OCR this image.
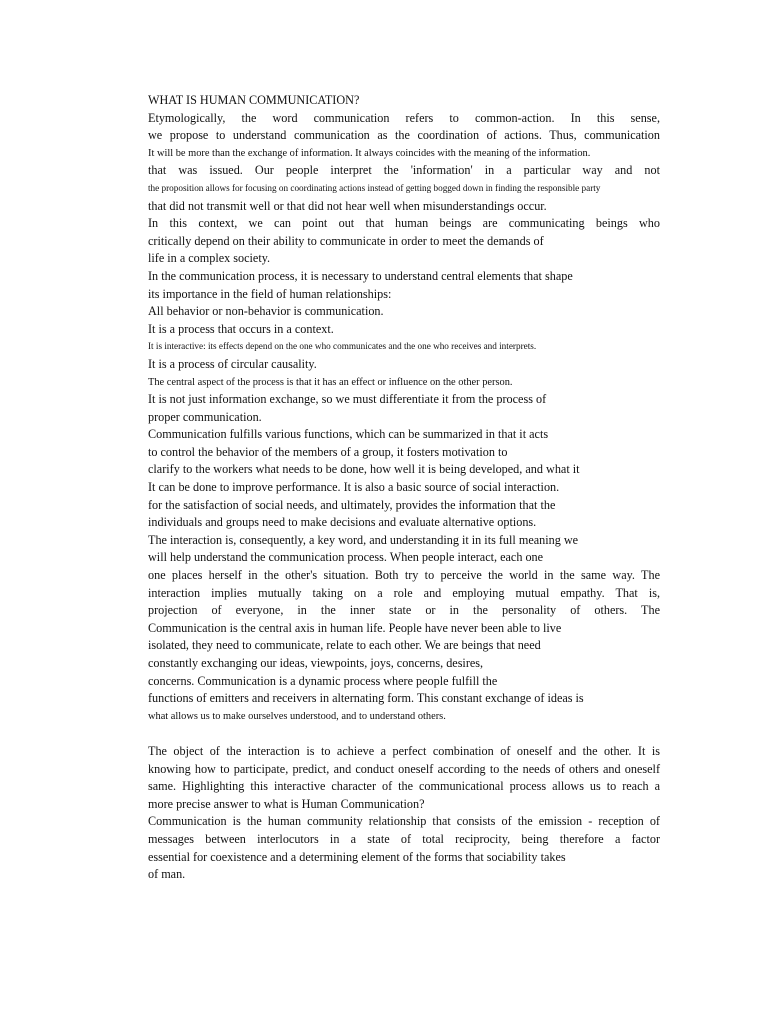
WHAT IS HUMAN COMMUNICATION?
Etymologically, the word communication refers to common-action. In this sense,
we propose to understand communication as the coordination of actions. Thus, communication
It will be more than the exchange of information. It always coincides with the meaning of the information.
that was issued. Our people interpret the 'information' in a particular way and not
the proposition allows for focusing on coordinating actions instead of getting bogged down in finding the responsible party
that did not transmit well or that did not hear well when misunderstandings occur.
In this context, we can point out that human beings are communicating beings who
critically depend on their ability to communicate in order to meet the demands of
life in a complex society.
In the communication process, it is necessary to understand central elements that shape
its importance in the field of human relationships:
All behavior or non-behavior is communication.
It is a process that occurs in a context.
It is interactive: its effects depend on the one who communicates and the one who receives and interprets.
It is a process of circular causality.
The central aspect of the process is that it has an effect or influence on the other person.
It is not just information exchange, so we must differentiate it from the process of
proper communication.
Communication fulfills various functions, which can be summarized in that it acts
to control the behavior of the members of a group, it fosters motivation to
clarify to the workers what needs to be done, how well it is being developed, and what it
It can be done to improve performance. It is also a basic source of social interaction.
for the satisfaction of social needs, and ultimately, provides the information that the
individuals and groups need to make decisions and evaluate alternative options.
The interaction is, consequently, a key word, and understanding it in its full meaning we
will help understand the communication process. When people interact, each one
one places herself in the other's situation. Both try to perceive the world in the same way. The
interaction implies mutually taking on a role and employing mutual empathy. That is,
projection of everyone, in the inner state or in the personality of others. The
Communication is the central axis in human life. People have never been able to live
isolated, they need to communicate, relate to each other. We are beings that need
constantly exchanging our ideas, viewpoints, joys, concerns, desires,
concerns. Communication is a dynamic process where people fulfill the
functions of emitters and receivers in alternating form. This constant exchange of ideas is
what allows us to make ourselves understood, and to understand others.
The object of the interaction is to achieve a perfect combination of oneself and the other. It is
knowing how to participate, predict, and conduct oneself according to the needs of others and oneself
same. Highlighting this interactive character of the communicational process allows us to reach a
more precise answer to what is Human Communication?
Communication is the human community relationship that consists of the emission - reception of
messages between interlocutors in a state of total reciprocity, being therefore a factor
essential for coexistence and a determining element of the forms that sociability takes
of man.
